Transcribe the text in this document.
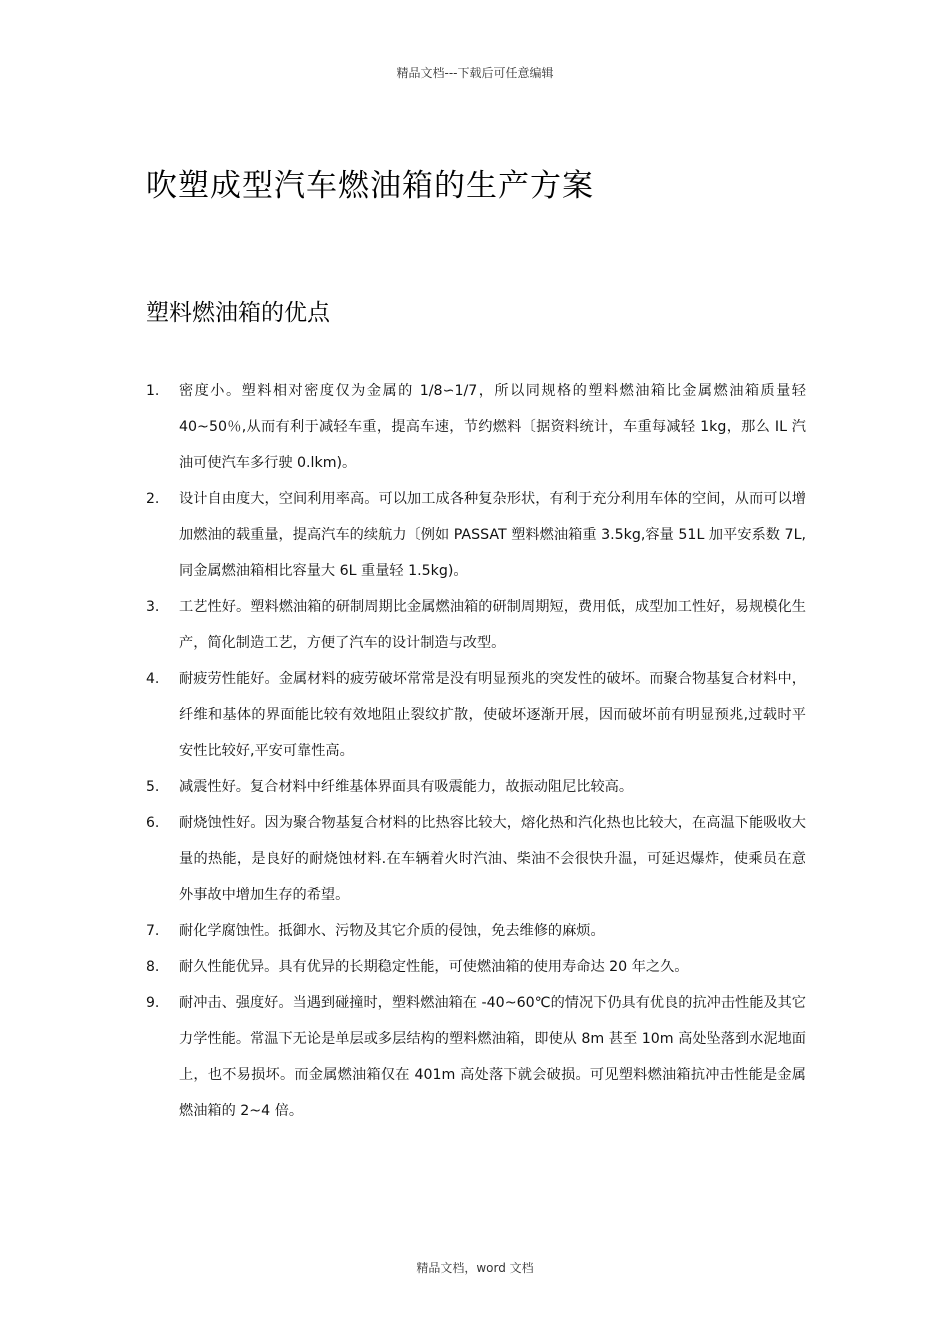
精品文档---下载后可任意编辑
吹塑成型汽车燃油箱的生产方案
塑料燃油箱的优点
1. 密度小。塑料相对密度仅为金属的 1/8∽1/7，所以同规格的塑料燃油箱比金属燃油箱质量轻 40~50％,从而有利于减轻车重，提高车速，节约燃料〔据资料统计，车重每减轻 1kg，那么 IL 汽油可使汽车多行驶 0.lkm)。
2. 设计自由度大，空间利用率高。可以加工成各种复杂形状，有利于充分利用车体的空间，从而可以增加燃油的载重量，提高汽车的续航力〔例如 PASSAT 塑料燃油箱重 3.5kg,容量 51L 加平安系数 7L,同金属燃油箱相比容量大 6L 重量轻 1.5kg)。
3. 工艺性好。塑料燃油箱的研制周期比金属燃油箱的研制周期短，费用低，成型加工性好，易规模化生产，简化制造工艺，方便了汽车的设计制造与改型。
4. 耐疲劳性能好。金属材料的疲劳破坏常常是没有明显预兆的突发性的破坏。而聚合物基复合材料中，纤维和基体的界面能比较有效地阻止裂纹扩散，使破坏逐渐开展，因而破坏前有明显预兆,过载时平安性比较好,平安可靠性高。
5. 减震性好。复合材料中纤维基体界面具有吸震能力，故振动阻尼比较高。
6. 耐烧蚀性好。因为聚合物基复合材料的比热容比较大，熔化热和汽化热也比较大，在高温下能吸收大量的热能，是良好的耐烧蚀材料.在车辆着火时汽油、柴油不会很快升温，可延迟爆炸，使乘员在意外事故中增加生存的希望。
7. 耐化学腐蚀性。抵御水、污物及其它介质的侵蚀，免去维修的麻烦。
8. 耐久性能优异。具有优异的长期稳定性能，可使燃油箱的使用寿命达 20 年之久。
9. 耐冲击、强度好。当遇到碰撞时，塑料燃油箱在 -40~60℃的情况下仍具有优良的抗冲击性能及其它力学性能。常温下无论是单层或多层结构的塑料燃油箱，即使从 8m 甚至 10m 高处坠落到水泥地面上，也不易损坏。而金属燃油箱仅在 401m 高处落下就会破损。可见塑料燃油箱抗冲击性能是金属燃油箱的 2~4 倍。
精品文档，word 文档
